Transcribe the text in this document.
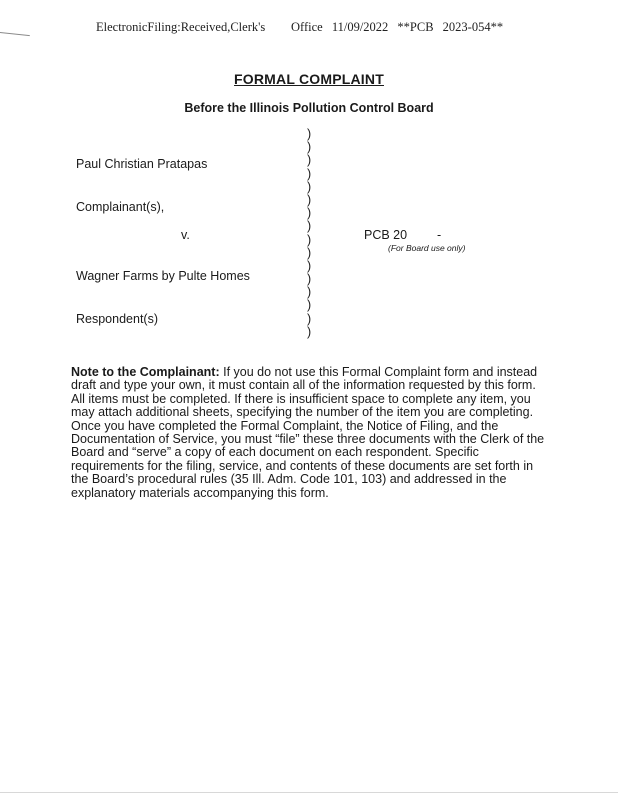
ElectronicFiling:Received,Clerk's Office 11/09/2022 **PCB 2023-054**
FORMAL COMPLAINT
Before the Illinois Pollution Control Board
Paul Christian Pratapas
Complainant(s),
v.
Wagner Farms by Pulte Homes
Respondent(s)
)
)
)
)
)
)
)
)
)
)
)
)
)
)
)
)
PCB 20 -
(For Board use only)
Note to the Complainant: If you do not use this Formal Complaint form and instead draft and type your own, it must contain all of the information requested by this form. All items must be completed. If there is insufficient space to complete any item, you may attach additional sheets, specifying the number of the item you are completing. Once you have completed the Formal Complaint, the Notice of Filing, and the Documentation of Service, you must “file” these three documents with the Clerk of the Board and “serve” a copy of each document on each respondent. Specific requirements for the filing, service, and contents of these documents are set forth in the Board’s procedural rules (35 Ill. Adm. Code 101, 103) and addressed in the explanatory materials accompanying this form.
